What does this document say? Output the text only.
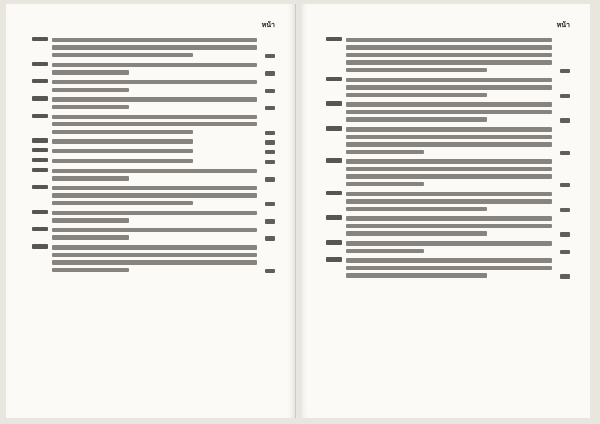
หน้า	หน้า
